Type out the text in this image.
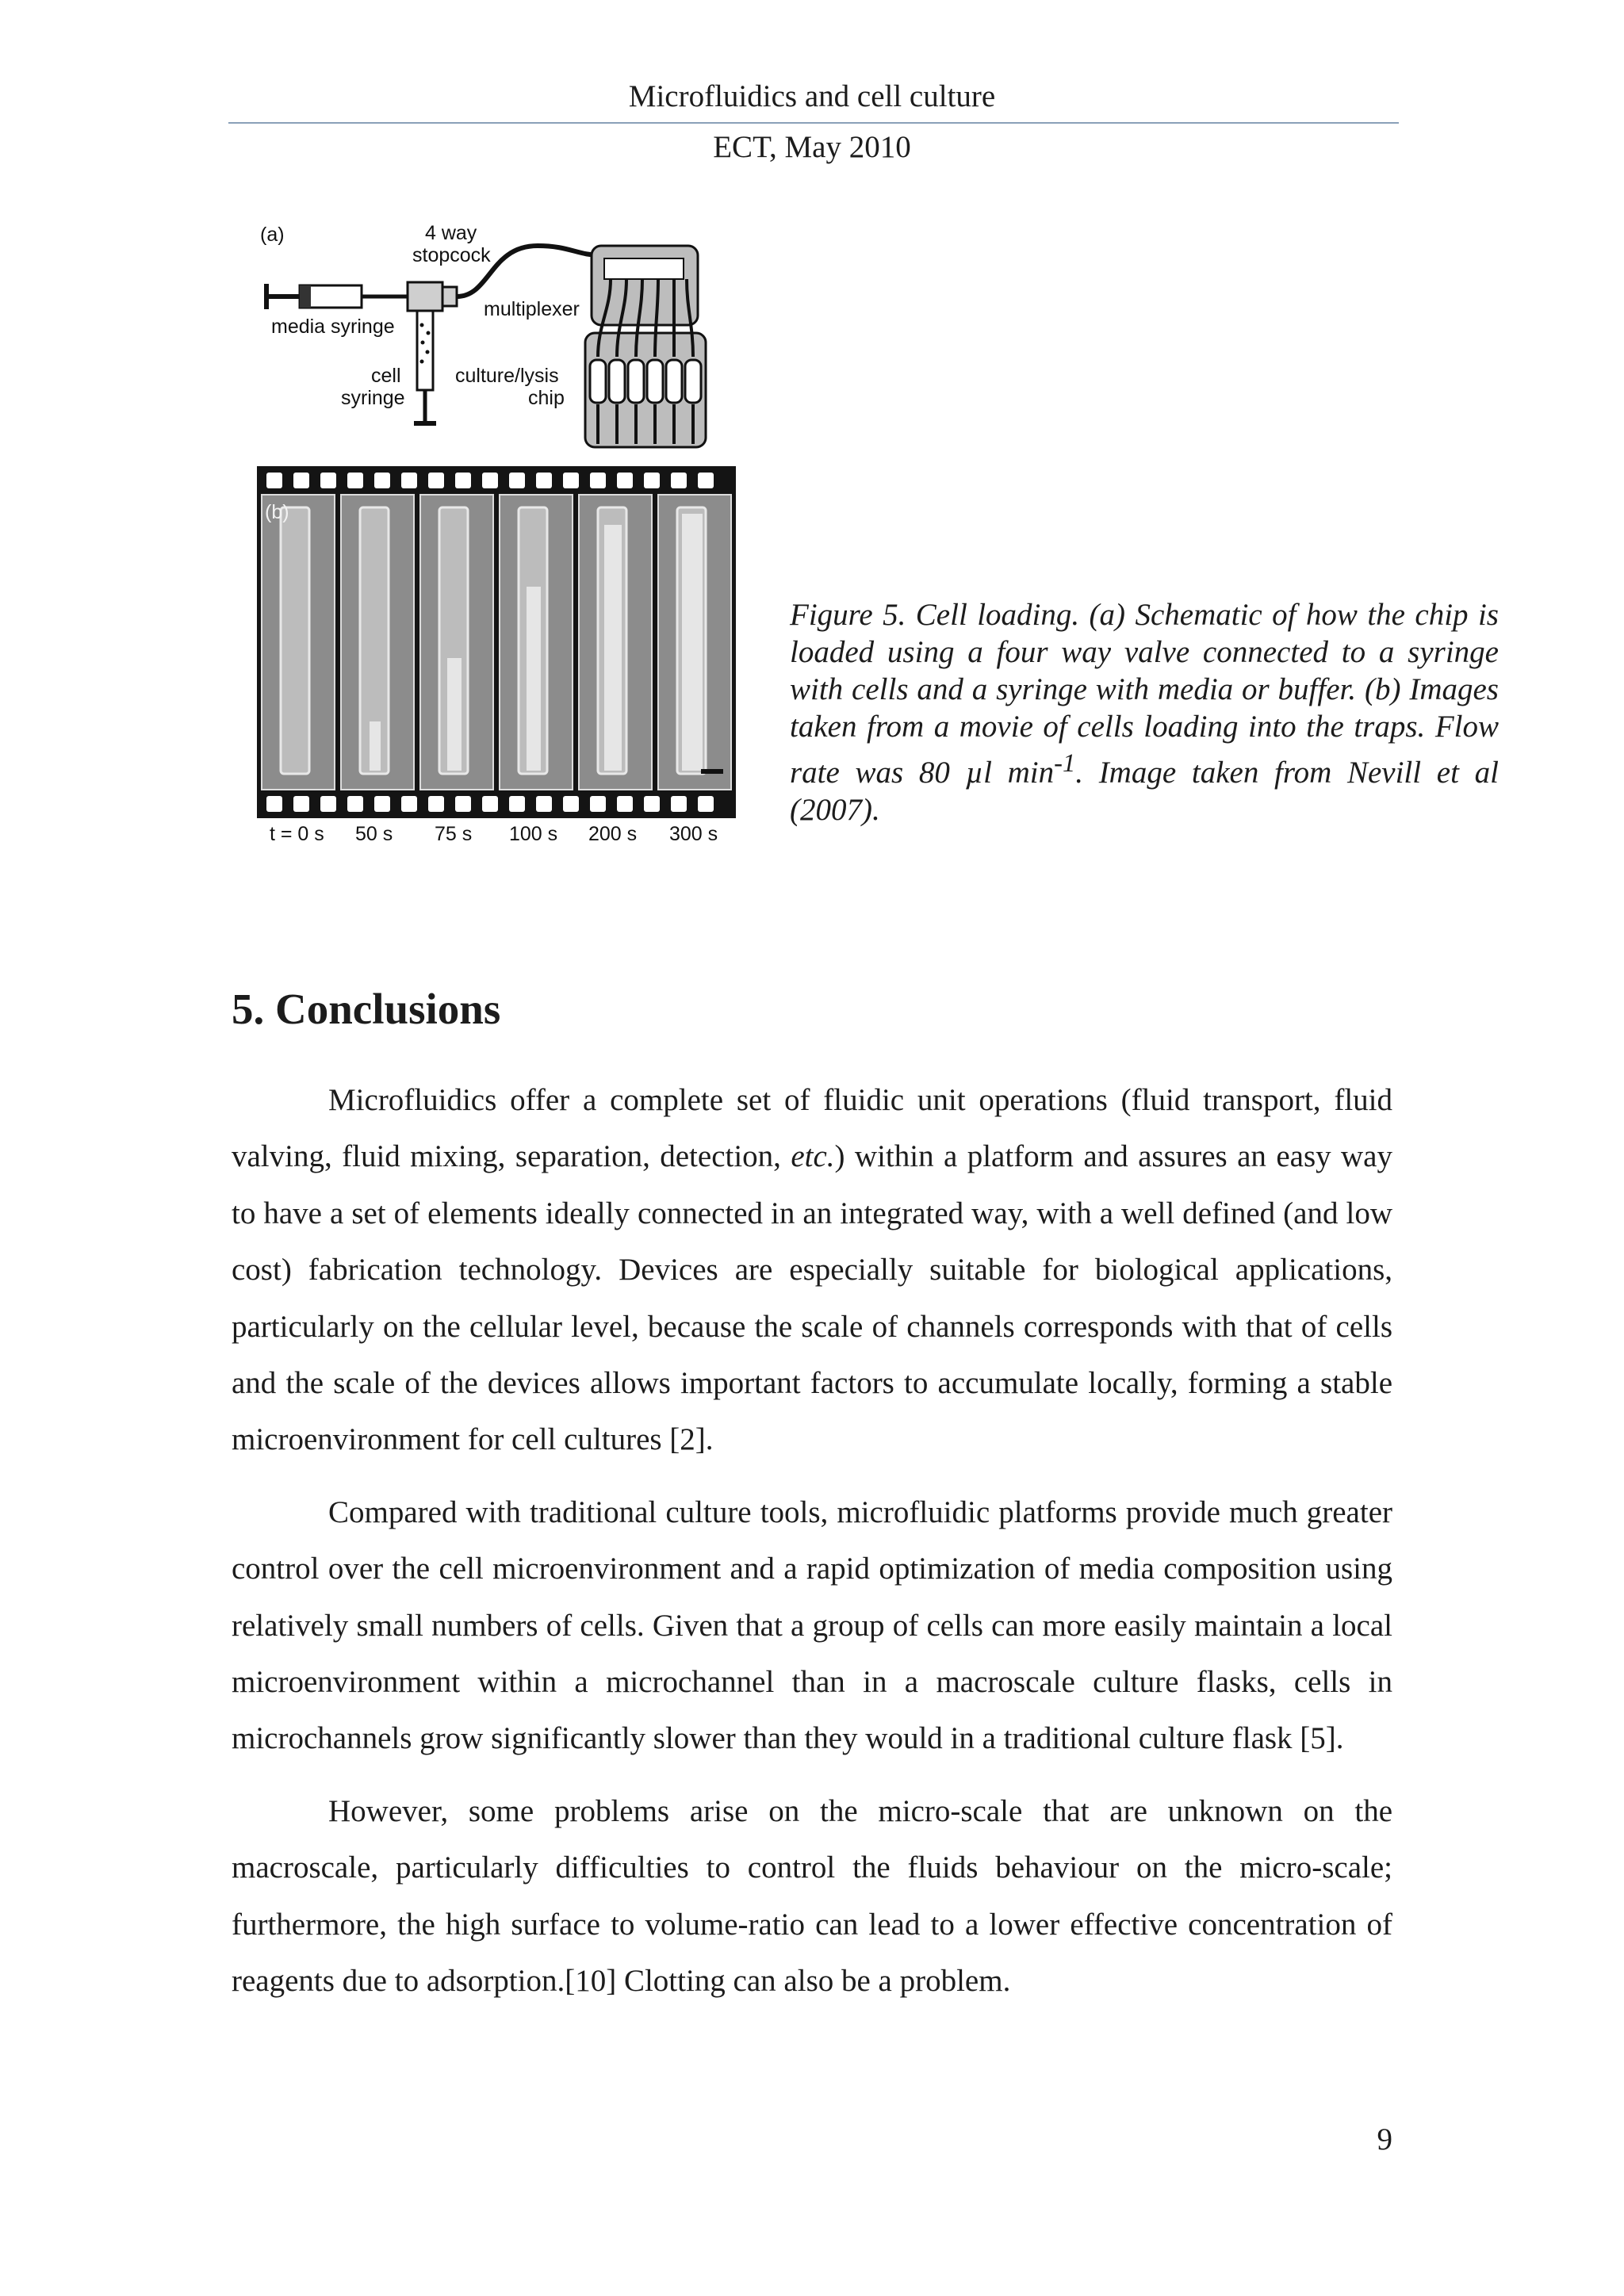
Microfluidics and cell culture
ECT, May 2010
(a)	4 way
stopcock
media syringe
multiplexer
cell
syringe
culture/lysis
chip
(b)
t = 0 s 50 s 75 s 100 s 200 s 300 s
Figure 5. Cell loading. (a) Schematic of how the chip is loaded using a four way valve connected to a syringe with cells and a syringe with media or buffer. (b) Images taken from a movie of cells loading into the traps. Flow rate was 80 µl $\min^{-1}$. Image taken from Nevill et al (2007).
5. Conclusions

Microfluidics offer a complete set of fluidic unit operations (fluid transport, fluid valving, fluid mixing, separation, detection, etc.) within a platform and assures an easy way to have a set of elements ideally connected in an integrated way, with a well defined (and low cost) fabrication technology. Devices are especially suitable for biological applications, particularly on the cellular level, because the scale of channels corresponds with that of cells and the scale of the devices allows important factors to accumulate locally, forming a stable microenvironment for cell cultures [2].

Compared with traditional culture tools, microfluidic platforms provide much greater control over the cell microenvironment and a rapid optimization of media composition using relatively small numbers of cells. Given that a group of cells can more easily maintain a local microenvironment within a microchannel than in a macroscale culture flasks, cells in microchannels grow significantly slower than they would in a traditional culture flask [5].

However, some problems arise on the micro-scale that are unknown on the macroscale, particularly difficulties to control the fluids behaviour on the micro-scale; furthermore, the high surface to volume-ratio can lead to a lower effective concentration of reagents due to adsorption.[10] Clotting can also be a problem.

9
